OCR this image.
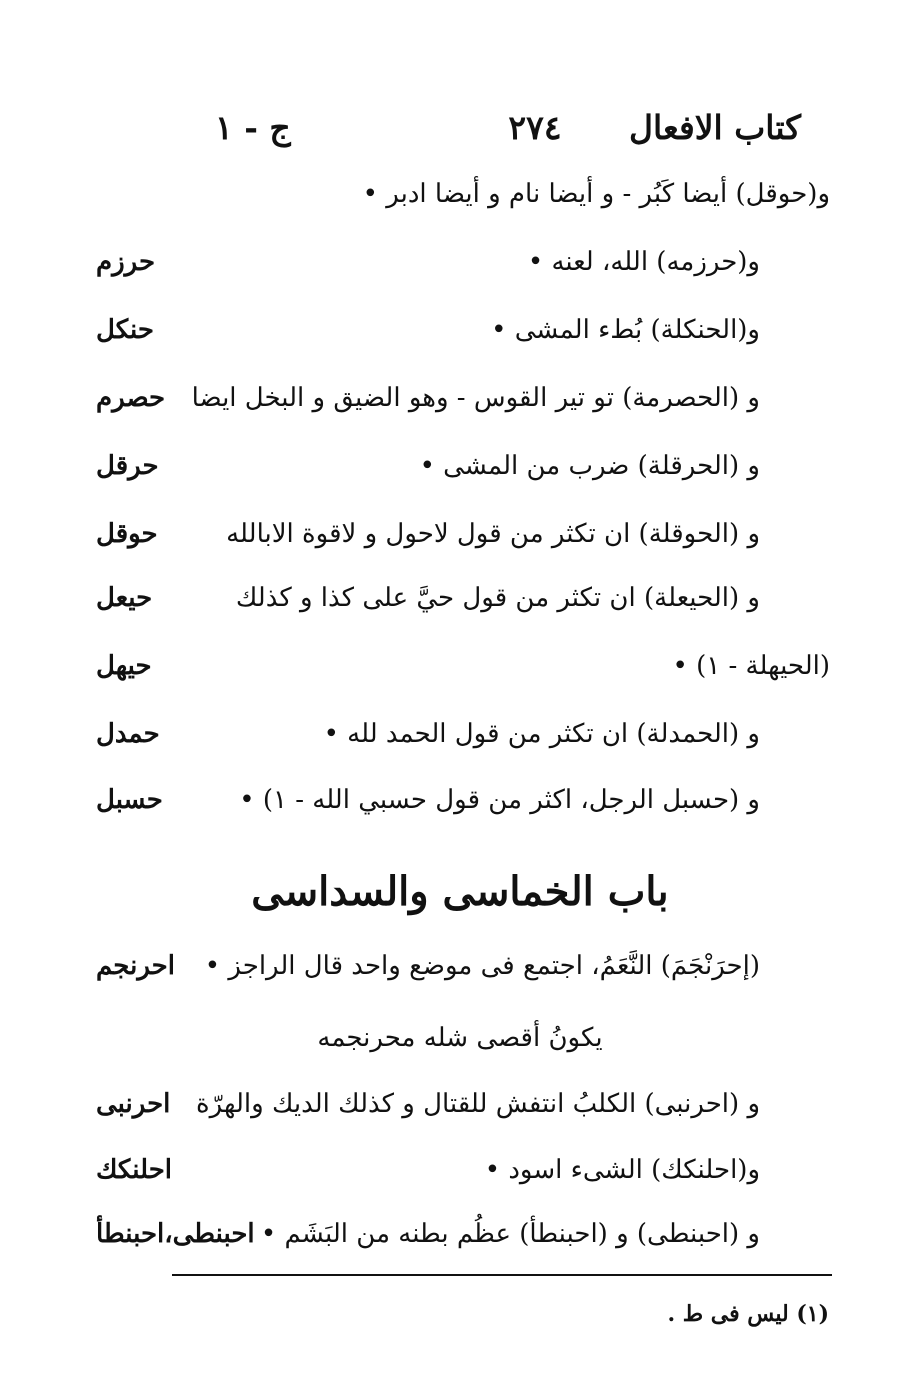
كتاب الافعال
٢٧٤
ج - ١
و(حوقل) أيضا كَبُر - و أيضا نام و أيضا ادبر •
و(حرزمه) الله، لعنه •
حرزم
و(الحنكلة) بُطء المشى •
حنكل
و (الحصرمة) تو تير القوس - وهو الضيق و البخل ايضا
حصرم
و (الحرقلة) ضرب من المشى •
حرقل
و (الحوقلة) ان تكثر من قول لاحول و لاقوة الابالله
حوقل
و (الحيعلة) ان تكثر من قول حيَّ على كذا و كذلك
حيعل
(الحيهلة - ١) •
حيهل
و (الحمدلة) ان تكثر من قول الحمد لله •
حمدل
و (حسبل الرجل، اكثر من قول حسبي الله - ١) •
حسبل
باب الخماسى والسداسى
(إحرَنْجَمَ) النَّعَمُ، اجتمع فى موضع واحد قال الراجز •
احرنجم
يكونُ أقصى شله محرنجمه
و (احرنبى) الكلبُ انتفش للقتال و كذلك الديك والهرّة
احرنبى
و(احلنكك) الشىء اسود •
احلنكك
و (احبنطى) و (احبنطأ) عظُم بطنه من البَشَم •
احبنطى،احبنطأ
(١) ليس فى ط .
